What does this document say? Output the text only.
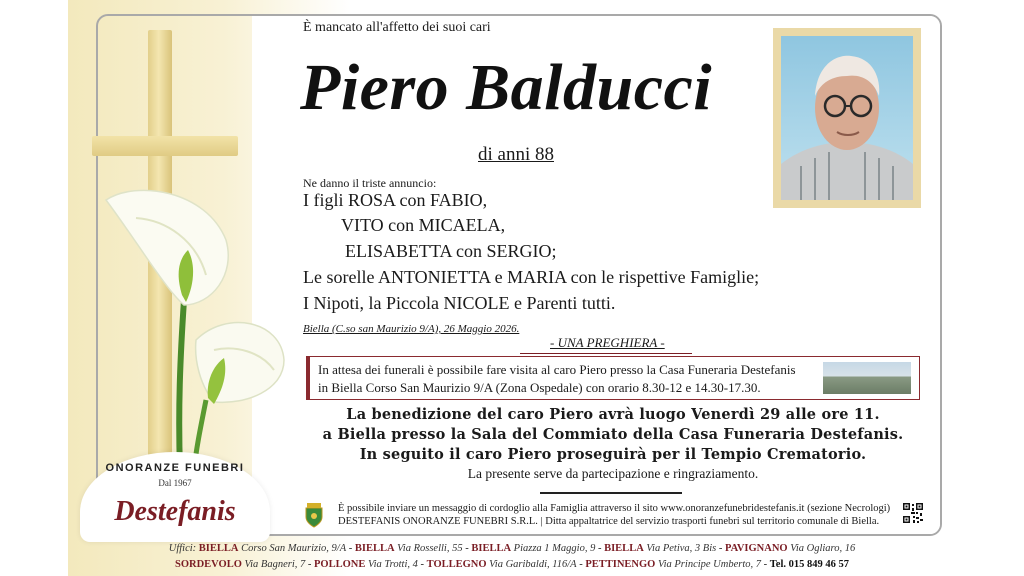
ONORANZE FUNEBRI
Dal 1967
Destefanis
È mancato all'affetto dei suoi cari
Piero Balducci
di anni 88
Ne danno il triste annuncio:
I figli ROSA con FABIO,
VITO con MICAELA,
ELISABETTA con SERGIO;
Le sorelle ANTONIETTA e MARIA con le rispettive Famiglie;
I Nipoti, la Piccola NICOLE e Parenti tutti.
Biella (C.so san Maurizio 9/A), 26 Maggio 2026.
- UNA PREGHIERA -
In attesa dei funerali è possibile fare visita al caro Piero presso la Casa Funeraria Destefanis
in Biella Corso San Maurizio 9/A (Zona Ospedale) con orario 8.30-12 e 14.30-17.30.
La benedizione del caro Piero avrà luogo Venerdì 29 alle ore 11.
a Biella presso la Sala del Commiato della Casa Funeraria Destefanis.
In seguito il caro Piero proseguirà per il Tempio Crematorio.
La presente serve da partecipazione e ringraziamento.
È possibile inviare un messaggio di cordoglio alla Famiglia attraverso il sito www.onoranzefunebridestefanis.it (sezione Necrologi)
DESTEFANIS ONORANZE FUNEBRI S.R.L. | Ditta appaltatrice del servizio trasporti funebri sul territorio comunale di Biella.
Uffici: BIELLA Corso San Maurizio, 9/A - BIELLA Via Rosselli, 55 - BIELLA Piazza 1 Maggio, 9 - BIELLA Via Petiva, 3 Bis - PAVIGNANO Via Ogliaro, 16
SORDEVOLO Via Bagneri, 7 - POLLONE Via Trotti, 4 - TOLLEGNO Via Garibaldi, 116/A - PETTINENGO Via Principe Umberto, 7 - Tel. 015 849 46 57
